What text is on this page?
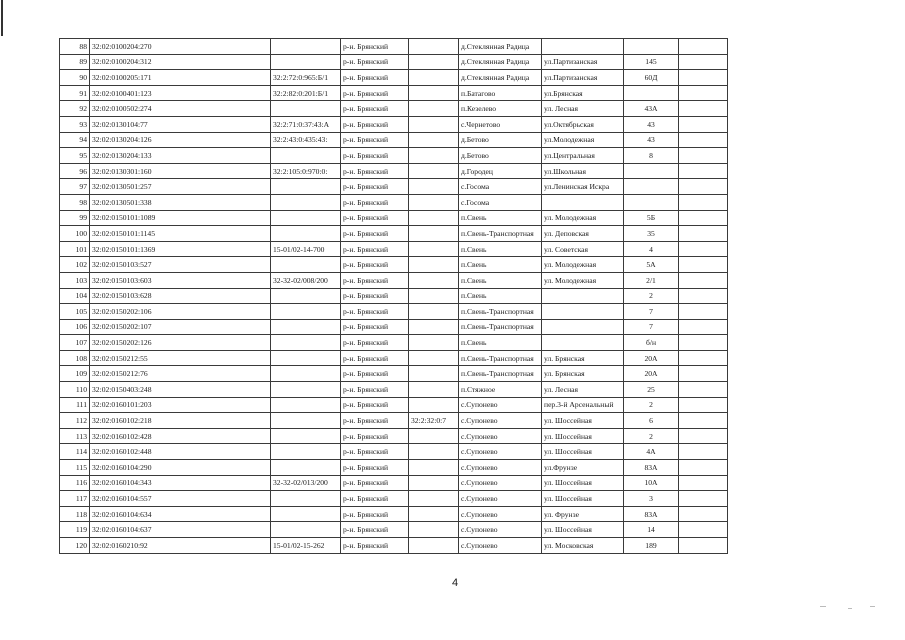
88	32:02:0100204:270		р-н. Брянский		д.Стеклянная Радица			
89	32:02:0100204:312		р-н. Брянский		д.Стеклянная Радица	ул.Партизанская	145	
90	32:02:0100205:171	32:2:72:0:965:Б/1	р-н. Брянский		д.Стеклянная Радица	ул.Партизанская	60Д	
91	32:02:0100401:123	32:2:82:0:201:Б/1	р-н. Брянский		п.Батагово	ул.Брянская		
92	32:02:0100502:274		р-н. Брянский		п.Кезелево	ул. Лесная	43А	
93	32:02:0130104:77	32:2:71:0:37:43:А	р-н. Брянский		с.Чернетово	ул.Октябрьская	43	
94	32:02:0130204:126	32:2:43:0:435:43:	р-н. Брянский		д.Бетово	ул.Молодежная	43	
95	32:02:0130204:133		р-н. Брянский		д.Бетово	ул.Центральная	8	
96	32:02:0130301:160	32:2:105:0:970:0:	р-н. Брянский		д.Городец	ул.Школьная		
97	32:02:0130501:257		р-н. Брянский		с.Госома	ул.Ленинская Искра		
98	32:02:0130501:338		р-н. Брянский		с.Госома			
99	32:02:0150101:1089		р-н. Брянский		п.Свень	ул. Молодежная	5Б	
100	32:02:0150101:1145		р-н. Брянский		п.Свень-Транспортная	ул. Деповская	35	
101	32:02:0150101:1369	15-01/02-14-700	р-н. Брянский		п.Свень	ул. Советская	4	
102	32:02:0150103:527		р-н. Брянский		п.Свень	ул. Молодежная	5А	
103	32:02:0150103:603	32-32-02/008/200	р-н. Брянский		п.Свень	ул. Молодежная	2/1	
104	32:02:0150103:628		р-н. Брянский		п.Свень		2	
105	32:02:0150202:106		р-н. Брянский		п.Свень-Транспортная		7	
106	32:02:0150202:107		р-н. Брянский		п.Свень-Транспортная		7	
107	32:02:0150202:126		р-н. Брянский		п.Свень		б/н	
108	32:02:0150212:55		р-н. Брянский		п.Свень-Транспортная	ул. Брянская	20А	
109	32:02:0150212:76		р-н. Брянский		п.Свень-Транспортная	ул. Брянская	20А	
110	32:02:0150403:248		р-н. Брянский		п.Стяжное	ул. Лесная	25	
111	32:02:0160101:203		р-н. Брянский		с.Супонево	пер.3-й Арсенальный	2	
112	32:02:0160102:218		р-н. Брянский	32:2:32:0:7	с.Супонево	ул. Шоссейная	6	
113	32:02:0160102:428		р-н. Брянский		с.Супонево	ул. Шоссейная	2	
114	32:02:0160102:448		р-н. Брянский		с.Супонево	ул. Шоссейная	4А	
115	32:02:0160104:290		р-н. Брянский		с.Супонево	ул.Фрунзе	83А	
116	32:02:0160104:343	32-32-02/013/200	р-н. Брянский		с.Супонево	ул. Шоссейная	10А	
117	32:02:0160104:557		р-н. Брянский		с.Супонево	ул. Шоссейная	3	
118	32:02:0160104:634		р-н. Брянский		с.Супонево	ул. Фрунзе	83А	
119	32:02:0160104:637		р-н. Брянский		с.Супонево	ул. Шоссейная	14	
120	32:02:0160210:92	15-01/02-15-262	р-н. Брянский		с.Супонево	ул. Московская	189	
4
